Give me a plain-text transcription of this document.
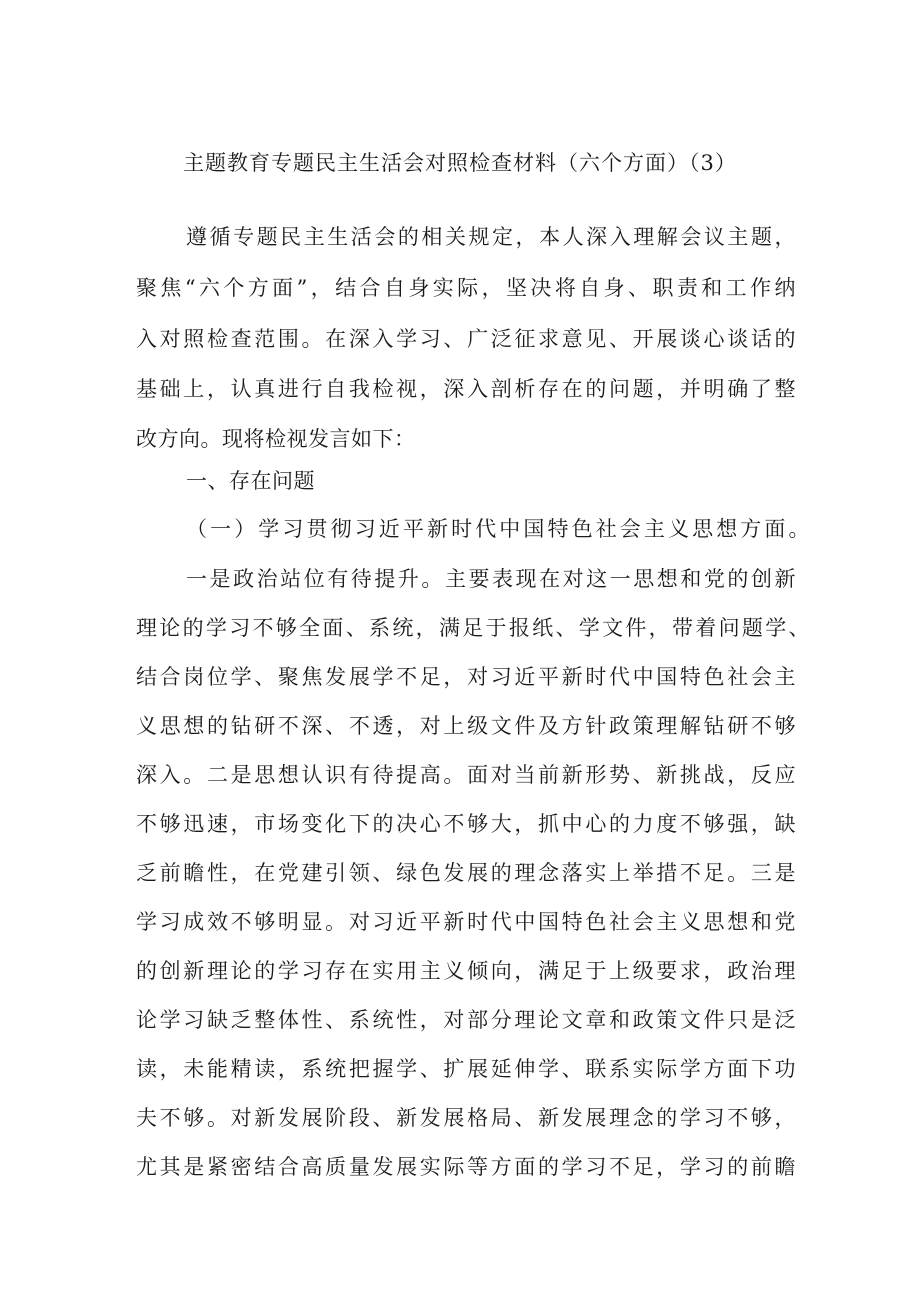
主题教育专题民主生活会对照检查材料（六个方面）（3）
遵循专题民主生活会的相关规定，本人深入理解会议主题，
聚焦“六个方面”，结合自身实际，坚决将自身、职责和工作纳
入对照检查范围。在深入学习、广泛征求意见、开展谈心谈话的
基础上，认真进行自我检视，深入剖析存在的问题，并明确了整
改方向。现将检视发言如下：
一、存在问题
（一）学习贯彻习近平新时代中国特色社会主义思想方面。
一是政治站位有待提升。主要表现在对这一思想和党的创新
理论的学习不够全面、系统，满足于报纸、学文件，带着问题学、
结合岗位学、聚焦发展学不足，对习近平新时代中国特色社会主
义思想的钻研不深、不透，对上级文件及方针政策理解钻研不够
深入。二是思想认识有待提高。面对当前新形势、新挑战，反应
不够迅速，市场变化下的决心不够大，抓中心的力度不够强，缺
乏前瞻性，在党建引领、绿色发展的理念落实上举措不足。三是
学习成效不够明显。对习近平新时代中国特色社会主义思想和党
的创新理论的学习存在实用主义倾向，满足于上级要求，政治理
论学习缺乏整体性、系统性，对部分理论文章和政策文件只是泛
读，未能精读，系统把握学、扩展延伸学、联系实际学方面下功
夫不够。对新发展阶段、新发展格局、新发展理念的学习不够，
尤其是紧密结合高质量发展实际等方面的学习不足，学习的前瞻
